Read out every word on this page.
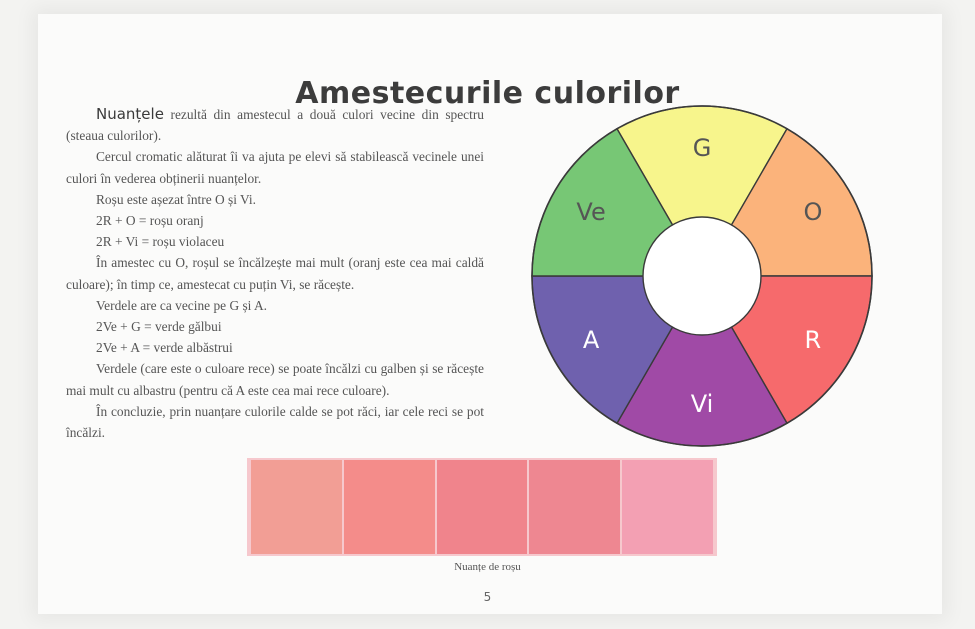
Amestecurile culorilor

Nuanțele rezultă din amestecul a două culori vecine din spectru (steaua culorilor).

Cercul cromatic alăturat îi va ajuta pe elevi să stabilească vecinele unei culori în vederea obținerii nuanțelor.

Roșu este așezat între O și Vi.

2R + O = roșu oranj

2R + Vi = roșu violaceu

În amestec cu O, roșul se încălzește mai mult (oranj este cea mai caldă culoare); în timp ce, amestecat cu puțin Vi, se răcește.

Verdele are ca vecine pe G și A.

2Ve + G = verde gălbui

2Ve + A = verde albăstrui

Verdele (care este o culoare rece) se poate încălzi cu galben și se răcește mai mult cu albastru (pentru că A este cea mai rece culoare).

În concluzie, prin nuanțare culorile calde se pot răci, iar cele reci se pot încălzi.

G
O
R
Vi
A
Ve
Nuanțe de roșu
5
